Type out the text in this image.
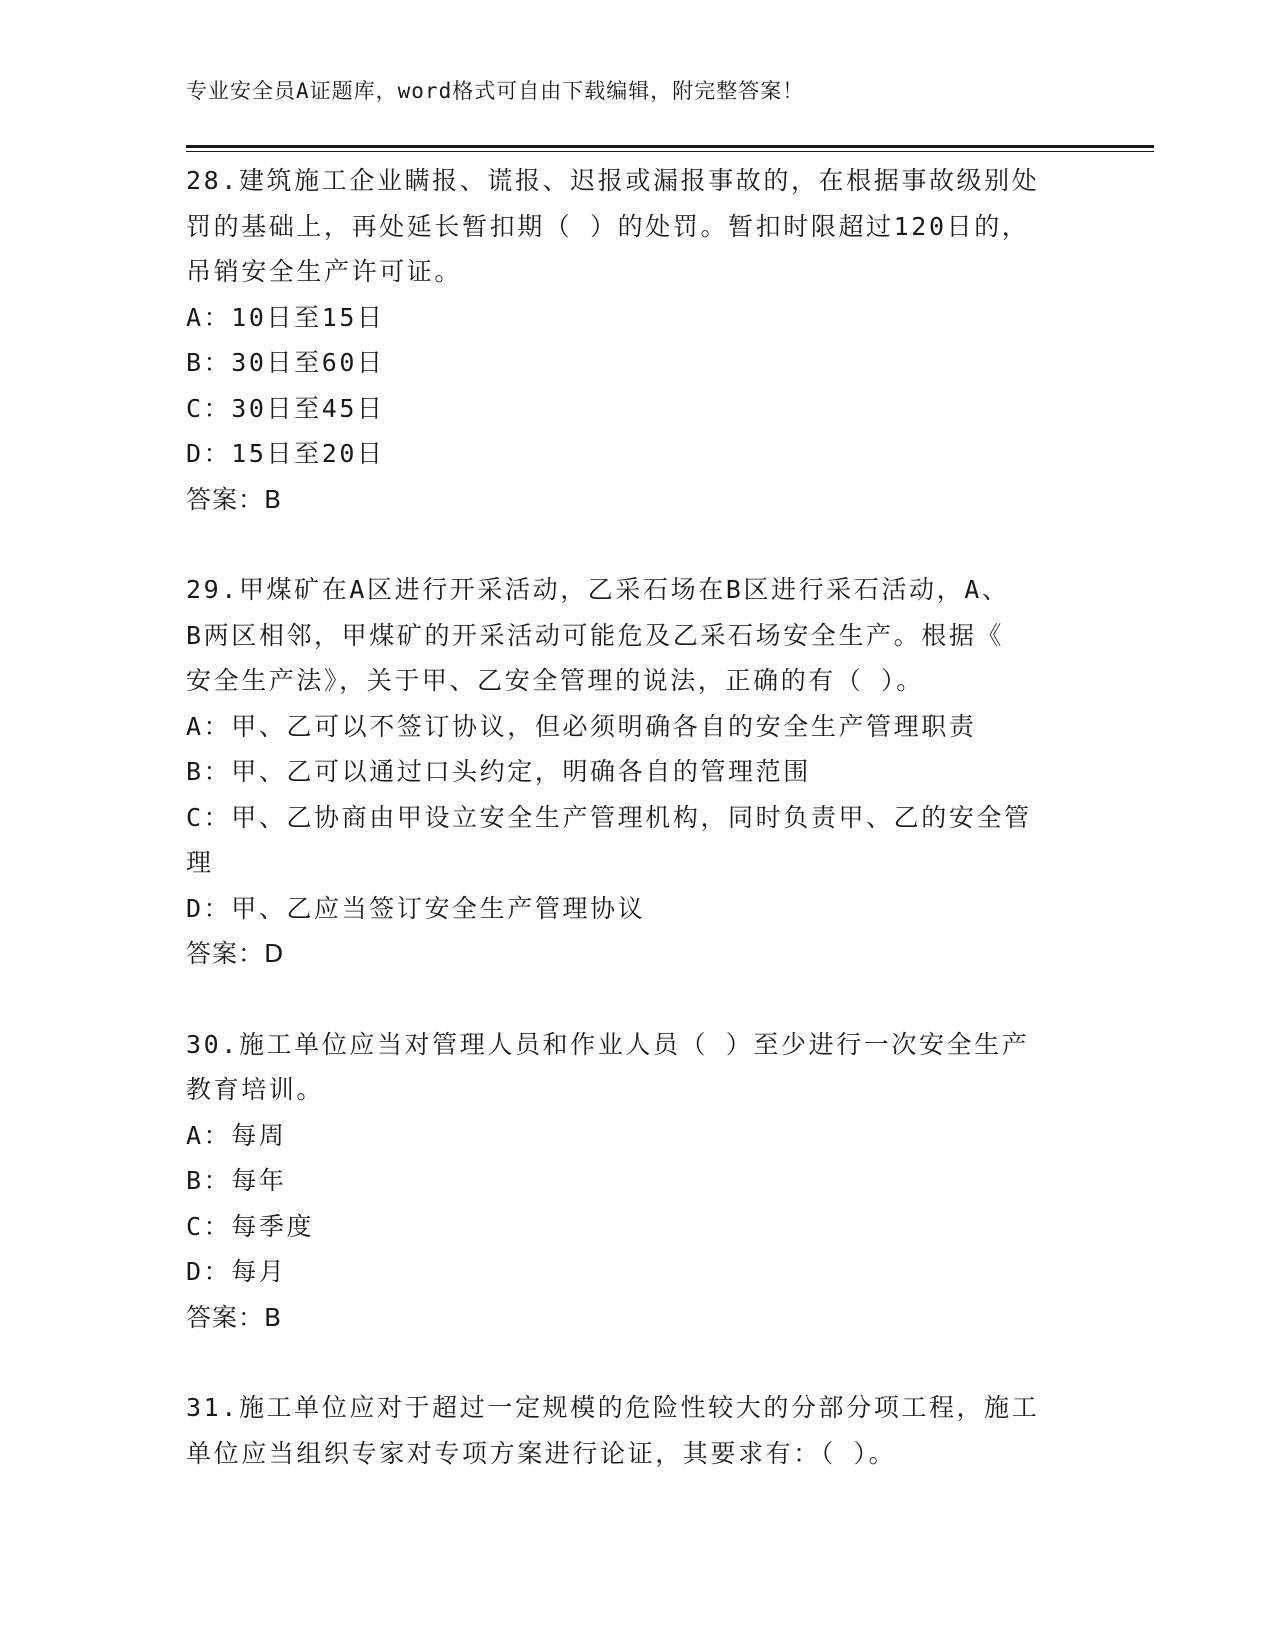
专业安全员A证题库，word格式可自由下载编辑，附完整答案！
28.建筑施工企业瞒报、谎报、迟报或漏报事故的，在根据事故级别处
罚的基础上，再处延长暂扣期（ ）的处罚。暂扣时限超过120日的，
吊销安全生产许可证。
A：10日至15日
B：30日至60日
C：30日至45日
D：15日至20日
答案：B
29.甲煤矿在A区进行开采活动，乙采石场在B区进行采石活动，A、
B两区相邻，甲煤矿的开采活动可能危及乙采石场安全生产。根据《
安全生产法》，关于甲、乙安全管理的说法，正确的有（ ）。
A：甲、乙可以不签订协议，但必须明确各自的安全生产管理职责
B：甲、乙可以通过口头约定，明确各自的管理范围
C：甲、乙协商由甲设立安全生产管理机构，同时负责甲、乙的安全管
理
D：甲、乙应当签订安全生产管理协议
答案：D
30.施工单位应当对管理人员和作业人员（ ）至少进行一次安全生产
教育培训。
A：每周
B：每年
C：每季度
D：每月
答案：B
31.施工单位应对于超过一定规模的危险性较大的分部分项工程，施工
单位应当组织专家对专项方案进行论证，其要求有：（ ）。
